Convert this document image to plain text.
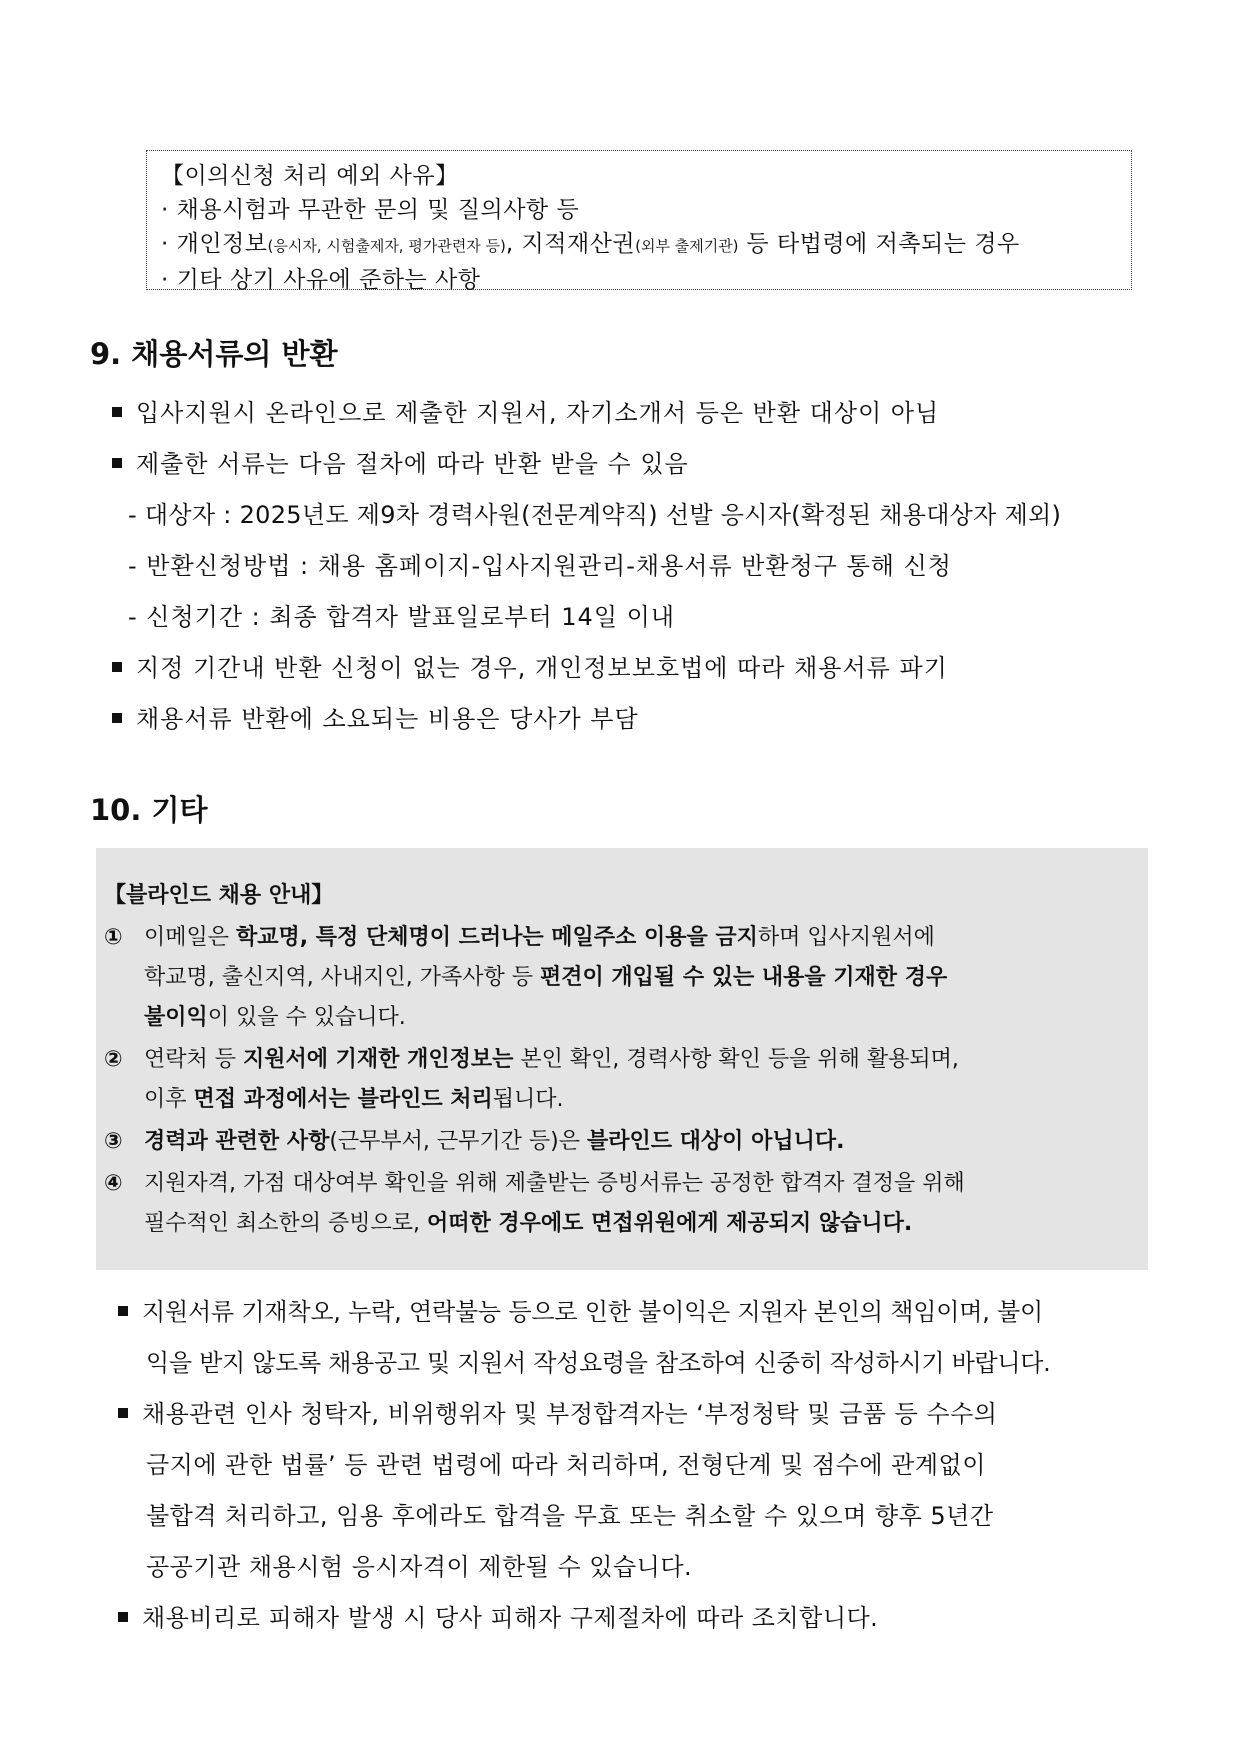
【이의신청 처리 예외 사유】
· 채용시험과 무관한 문의 및 질의사항 등
· 개인정보(응시자, 시험출제자, 평가관련자 등), 지적재산권(외부 출제기관) 등 타법령에 저촉되는 경우
· 기타 상기 사유에 준하는 사항
9. 채용서류의 반환
입사지원시 온라인으로 제출한 지원서, 자기소개서 등은 반환 대상이 아님
제출한 서류는 다음 절차에 따라 반환 받을 수 있음
- 대상자 : 2025년도 제9차 경력사원(전문계약직) 선발 응시자(확정된 채용대상자 제외)
- 반환신청방법 : 채용 홈페이지-입사지원관리-채용서류 반환청구 통해 신청
- 신청기간 : 최종 합격자 발표일로부터 14일 이내
지정 기간내 반환 신청이 없는 경우, 개인정보보호법에 따라 채용서류 파기
채용서류 반환에 소요되는 비용은 당사가 부담
10. 기타
【블라인드 채용 안내】
① 이메일은 학교명, 특정 단체명이 드러나는 메일주소 이용을 금지하며 입사지원서에
학교명, 출신지역, 사내지인, 가족사항 등 편견이 개입될 수 있는 내용을 기재한 경우
불이익이 있을 수 있습니다.
② 연락처 등 지원서에 기재한 개인정보는 본인 확인, 경력사항 확인 등을 위해 활용되며,
이후 면접 과정에서는 블라인드 처리됩니다.
③ 경력과 관련한 사항(근무부서, 근무기간 등)은 블라인드 대상이 아닙니다.
④ 지원자격, 가점 대상여부 확인을 위해 제출받는 증빙서류는 공정한 합격자 결정을 위해
필수적인 최소한의 증빙으로, 어떠한 경우에도 면접위원에게 제공되지 않습니다.
지원서류 기재착오, 누락, 연락불능 등으로 인한 불이익은 지원자 본인의 책임이며, 불이
익을 받지 않도록 채용공고 및 지원서 작성요령을 참조하여 신중히 작성하시기 바랍니다.
채용관련 인사 청탁자, 비위행위자 및 부정합격자는 ‘부정청탁 및 금품 등 수수의
금지에 관한 법률’ 등 관련 법령에 따라 처리하며, 전형단계 및 점수에 관계없이
불합격 처리하고, 임용 후에라도 합격을 무효 또는 취소할 수 있으며 향후 5년간
공공기관 채용시험 응시자격이 제한될 수 있습니다.
채용비리로 피해자 발생 시 당사 피해자 구제절차에 따라 조치합니다.
